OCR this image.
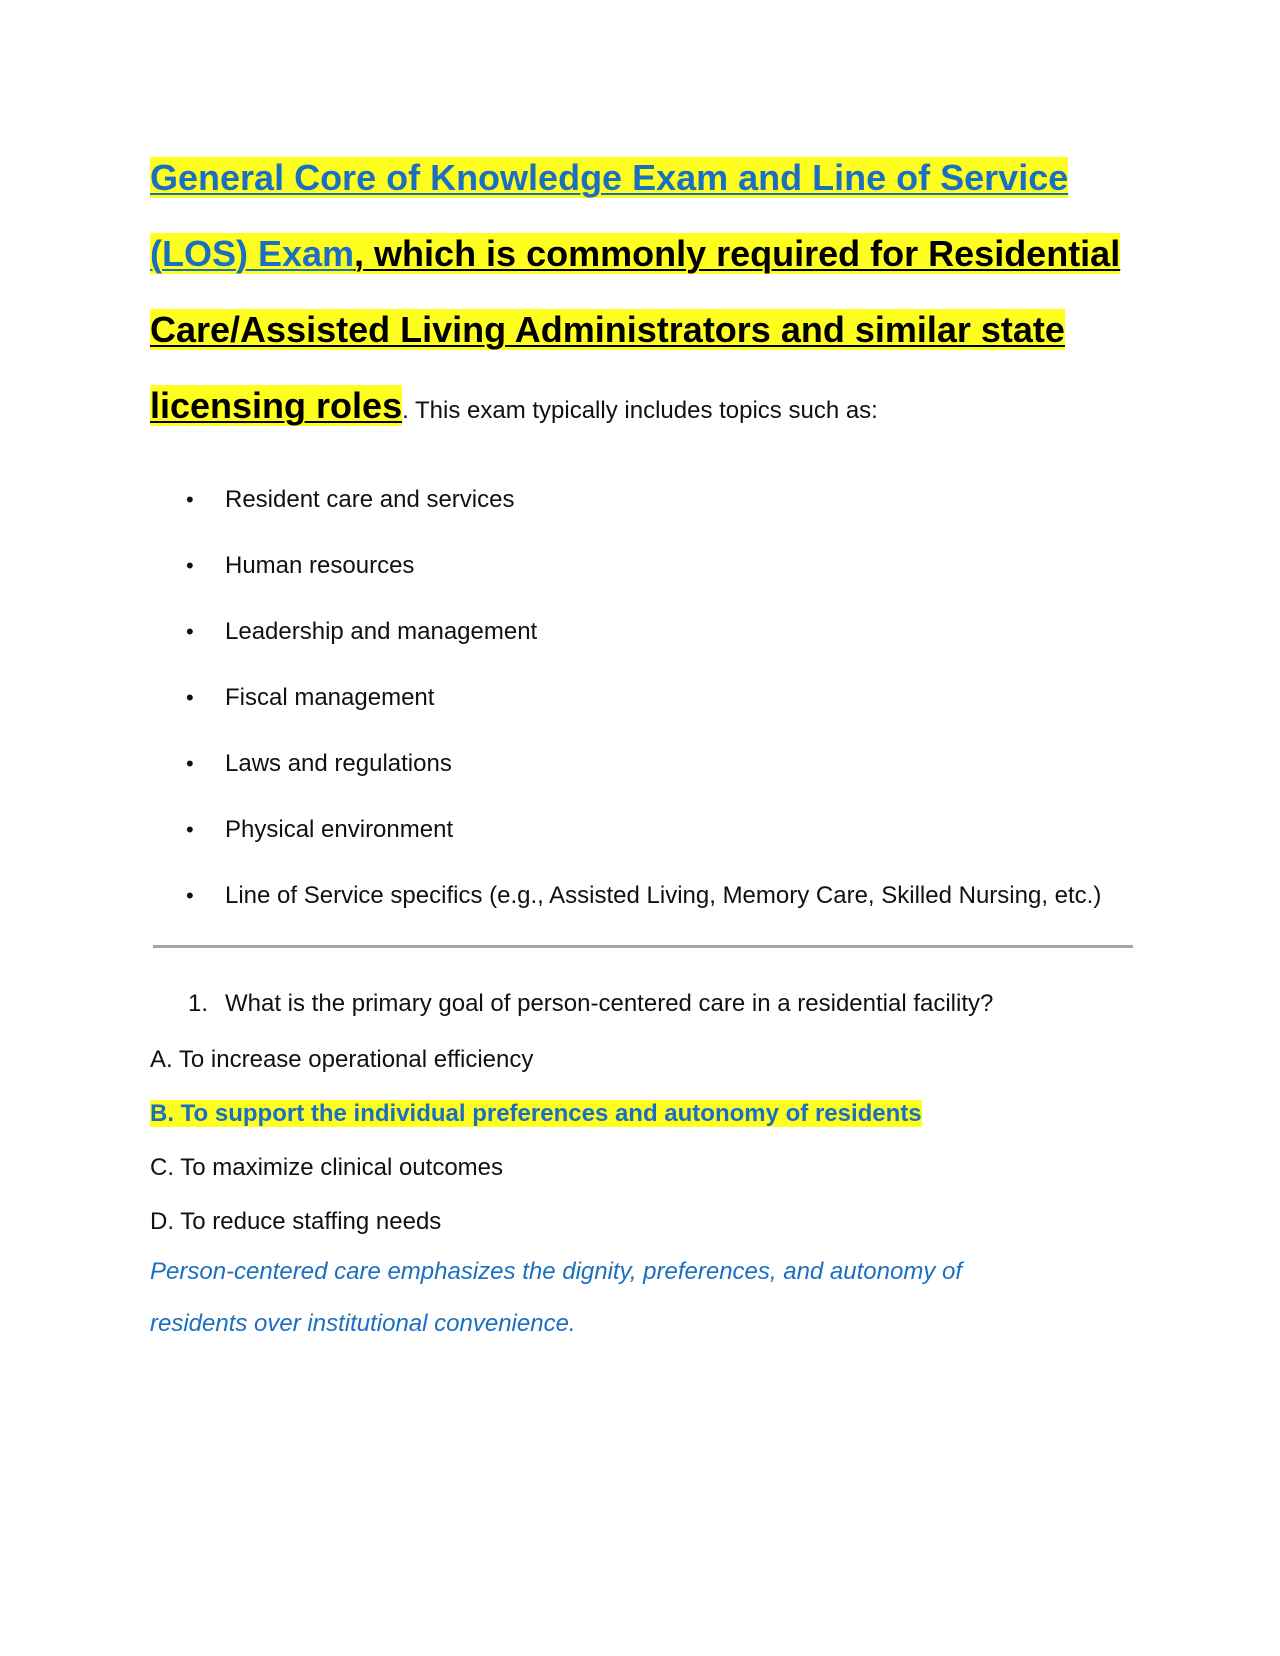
General Core of Knowledge Exam and Line of Service (LOS) Exam, which is commonly required for Residential Care/Assisted Living Administrators and similar state licensing roles. This exam typically includes topics such as:

• Resident care and services
• Human resources
• Leadership and management
• Fiscal management
• Laws and regulations
• Physical environment
• Line of Service specifics (e.g., Assisted Living, Memory Care, Skilled Nursing, etc.)
1. What is the primary goal of person-centered care in a residential facility?
A. To increase operational efficiency
B. To support the individual preferences and autonomy of residents
C. To maximize clinical outcomes
D. To reduce staffing needs
Person-centered care emphasizes the dignity, preferences, and autonomy of residents over institutional convenience.
